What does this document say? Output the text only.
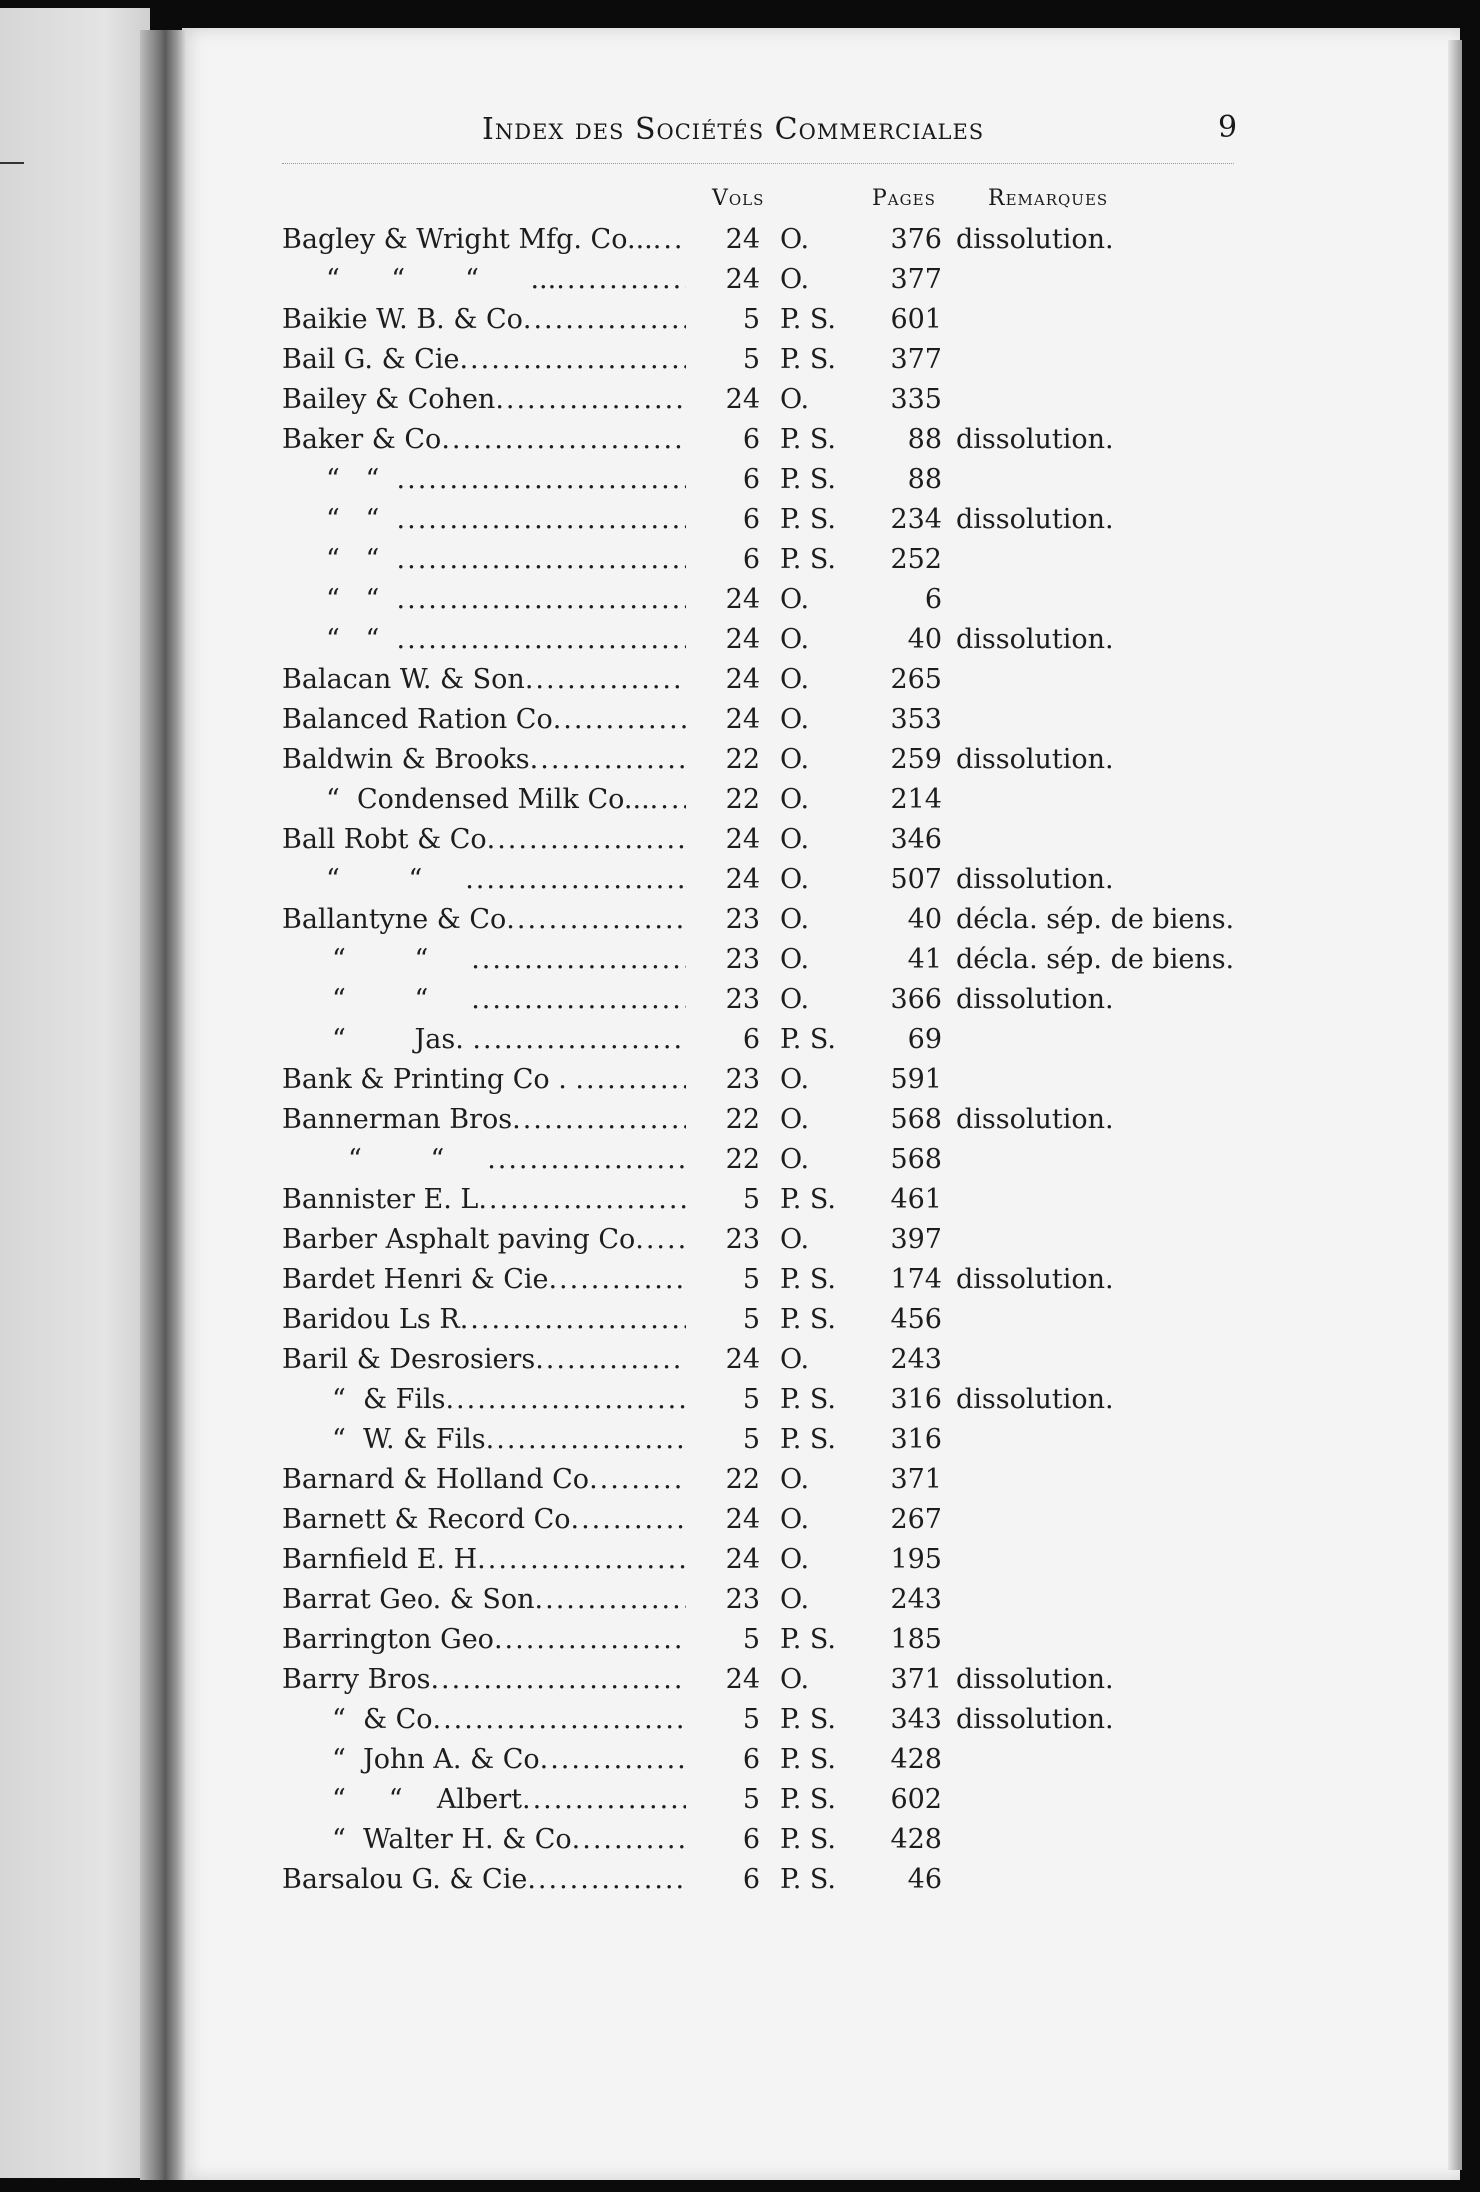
Index des Sociétés Commerciales	9
Vols	Pages Remarques
Bagley & Wright Mfg. Co... .....	24 O.	376 dissolution.
“      “       “      ... .....	24 O.	377
Baikie W. B. & Co .....	5 P. S.	601
Bail G. & Cie .....	5 P. S.	377
Bailey & Cohen .....	24 O.	335
Baker & Co .....	6 P. S.	88 dissolution.
“   “ .....	6 P. S.	88
“   “ .....	6 P. S.	234 dissolution.
“   “ .....	6 P. S.	252
“   “ .....	24 O.	6
“   “ .....	24 O.	40 dissolution.
Balacan W. & Son .....	24 O.	265
Balanced Ration Co .....	24 O.	353
Baldwin & Brooks .....	22 O.	259 dissolution.
“  Condensed Milk Co... .....	22 O.	214
Ball Robt & Co .....	24 O.	346
“        “ .....	24 O.	507 dissolution.
Ballantyne & Co .....	23 O.	40 décla. sép. de biens.
“        “ .....	23 O.	41 décla. sép. de biens.
“        “ .....	23 O.	366 dissolution.
“        Jas. .....	6 P. S.	69
Bank & Printing Co . .....	23 O.	591
Bannerman Bros .....	22 O.	568 dissolution.
“        “ .....	22 O.	568
Bannister E. L .....	5 P. S.	461
Barber Asphalt paving Co .....	23 O.	397
Bardet Henri & Cie .....	5 P. S.	174 dissolution.
Baridou Ls R .....	5 P. S.	456
Baril & Desrosiers .....	24 O.	243
“  & Fils .....	5 P. S.	316 dissolution.
“  W. & Fils .....	5 P. S.	316
Barnard & Holland Co .....	22 O.	371
Barnett & Record Co .....	24 O.	267
Barnfield E. H .....	24 O.	195
Barrat Geo. & Son .....	23 O.	243
Barrington Geo .....	5 P. S.	185
Barry Bros .....	24 O.	371 dissolution.
“  & Co .....	5 P. S.	343 dissolution.
“  John A. & Co .....	6 P. S.	428
“     “    Albert .....	5 P. S.	602
“  Walter H. & Co .....	6 P. S.	428
Barsalou G. & Cie .....	6 P. S.	46
